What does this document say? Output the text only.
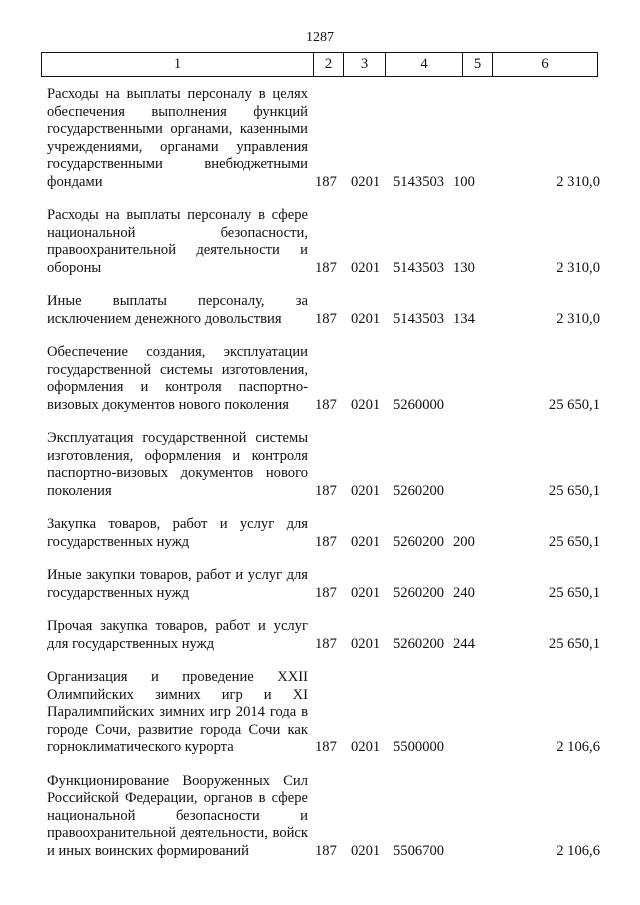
1287
1	2	3	4	5	6
Расходы на выплаты персоналу в целях обеспечения выполнения функций государственными органами, казенными учреждениями, органами управления государственными внебюджетными фондами	187 0201 5143503 100	2 310,0
Расходы на выплаты персоналу в сфере национальной безопасности, правоохранительной деятельности и обороны	187 0201 5143503 130	2 310,0
Иные выплаты персоналу, за исключением денежного довольствия	187 0201 5143503 134	2 310,0
Обеспечение создания, эксплуатации государственной системы изготовления, оформления и контроля паспортно-визовых документов нового поколения	187 0201 5260000	25 650,1
Эксплуатация государственной системы изготовления, оформления и контроля паспортно-визовых документов нового поколения	187 0201 5260200	25 650,1
Закупка товаров, работ и услуг для государственных нужд	187 0201 5260200 200	25 650,1
Иные закупки товаров, работ и услуг для государственных нужд	187 0201 5260200 240	25 650,1
Прочая закупка товаров, работ и услуг для государственных нужд	187 0201 5260200 244	25 650,1
Организация и проведение XXII Олимпийских зимних игр и XI Паралимпийских зимних игр 2014 года в городе Сочи, развитие города Сочи как горноклиматического курорта	187 0201 5500000	2 106,6
Функционирование Вооруженных Сил Российской Федерации, органов в сфере национальной безопасности и правоохранительной деятельности, войск и иных воинских формирований	187 0201 5506700	2 106,6
